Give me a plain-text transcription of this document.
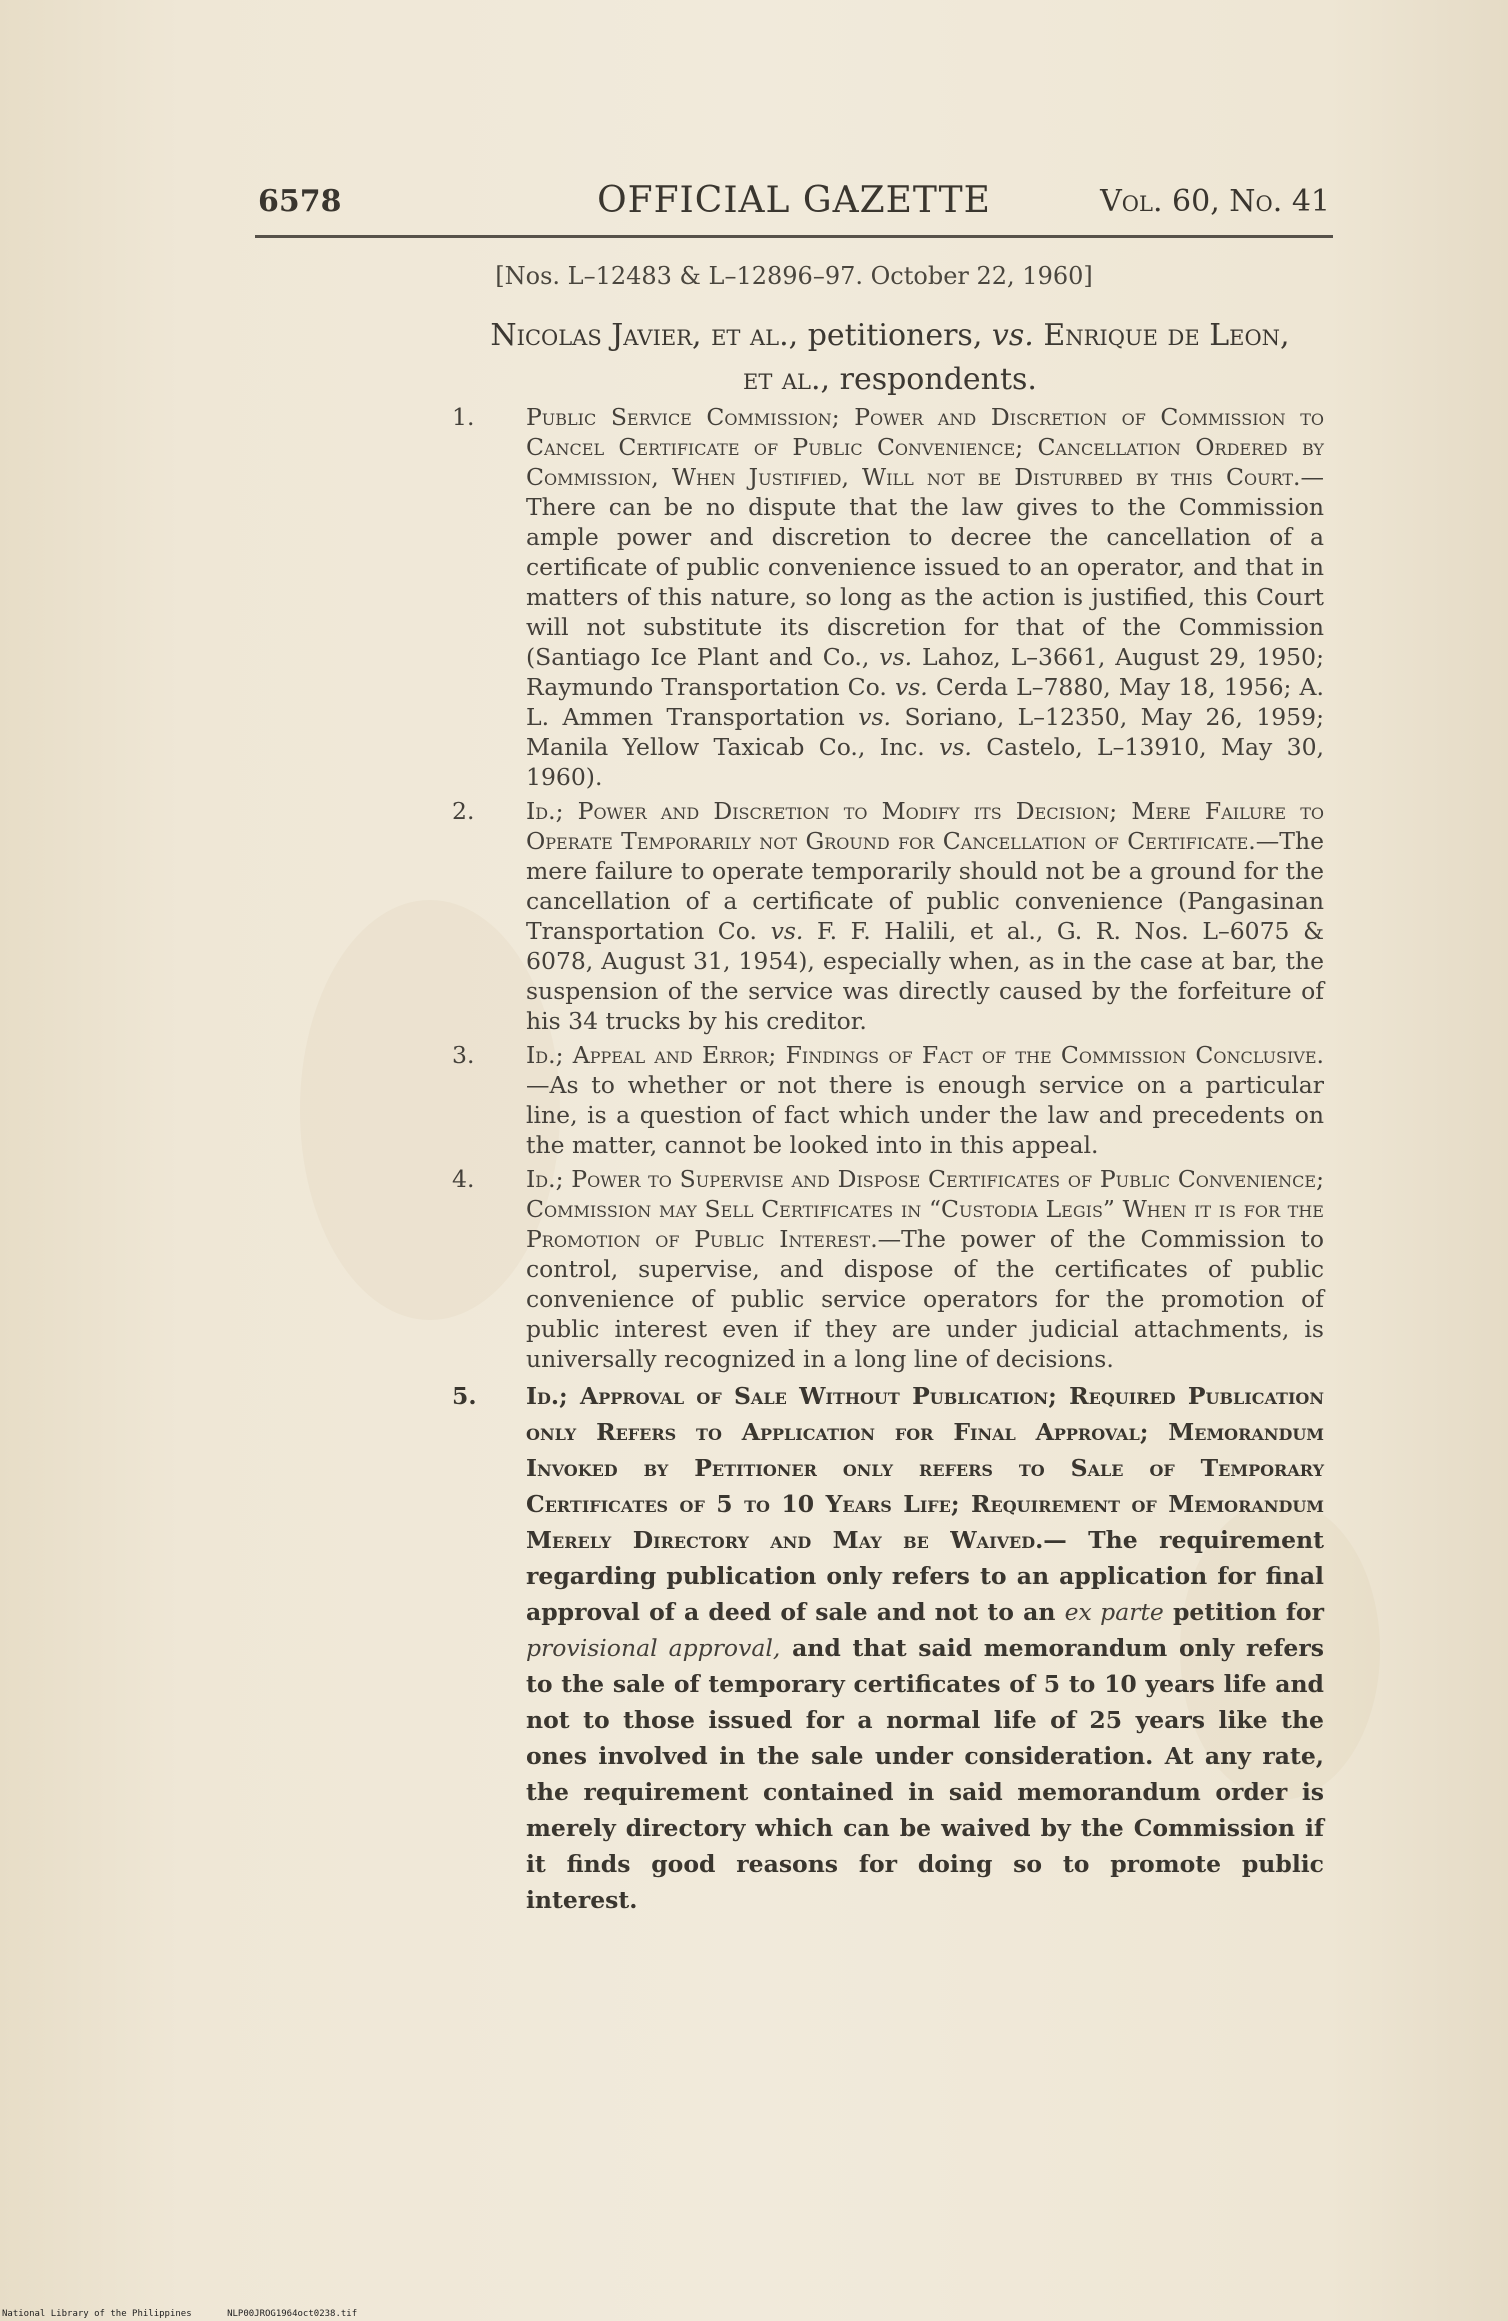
6578	OFFICIAL GAZETTE	Vol. 60, No. 41
[Nos. L–12483 & L–12896–97. October 22, 1960]
Nicolas Javier, et al., petitioners, vs. Enrique de Leon,
et al., respondents.
1. Public Service Commission; Power and Discretion of Commission to Cancel Certificate of Public Convenience; Cancellation Ordered by Commission, When Justified, Will not be Disturbed by this Court.—There can be no dispute that the law gives to the Commission ample power and discretion to decree the cancellation of a certificate of public convenience issued to an operator, and that in matters of this nature, so long as the action is justified, this Court will not substitute its discretion for that of the Commission (Santiago Ice Plant and Co., vs. Lahoz, L–3661, August 29, 1950; Raymundo Transportation Co. vs. Cerda L–7880, May 18, 1956; A. L. Ammen Transportation vs. Soriano, L–12350, May 26, 1959; Manila Yellow Taxicab Co., Inc. vs. Castelo, L–13910, May 30, 1960).
2. Id.; Power and Discretion to Modify its Decision; Mere Failure to Operate Temporarily not Ground for Cancellation of Certificate.—The mere failure to operate temporarily should not be a ground for the cancellation of a certificate of public convenience (Pangasinan Transportation Co. vs. F. F. Halili, et al., G. R. Nos. L–6075 & 6078, August 31, 1954), especially when, as in the case at bar, the suspension of the service was directly caused by the forfeiture of his 34 trucks by his creditor.
3. Id.; Appeal and Error; Findings of Fact of the Commission Conclusive.—As to whether or not there is enough service on a particular line, is a question of fact which under the law and precedents on the matter, cannot be looked into in this appeal.
4. Id.; Power to Supervise and Dispose Certificates of Public Convenience; Commission may Sell Certificates in “Custodia Legis” When it is for the Promotion of Public Interest.—The power of the Commission to control, supervise, and dispose of the certificates of public convenience of public service operators for the promotion of public interest even if they are under judicial attachments, is universally recognized in a long line of decisions.
5. Id.; Approval of Sale Without Publication; Required Publication only Refers to Application for Final Approval; Memorandum Invoked by Petitioner only refers to Sale of Temporary Certificates of 5 to 10 Years Life; Requirement of Memorandum Merely Directory and May be Waived.— The requirement regarding publication only refers to an application for final approval of a deed of sale and not to an ex parte petition for provisional approval, and that said memorandum only refers to the sale of temporary certificates of 5 to 10 years life and not to those issued for a normal life of 25 years like the ones involved in the sale under consideration. At any rate, the requirement contained in said memorandum order is merely directory which can be waived by the Commission if it finds good reasons for doing so to promote public interest.
National Library of the Philippines	NLP00JROG1964oct0238.tif
